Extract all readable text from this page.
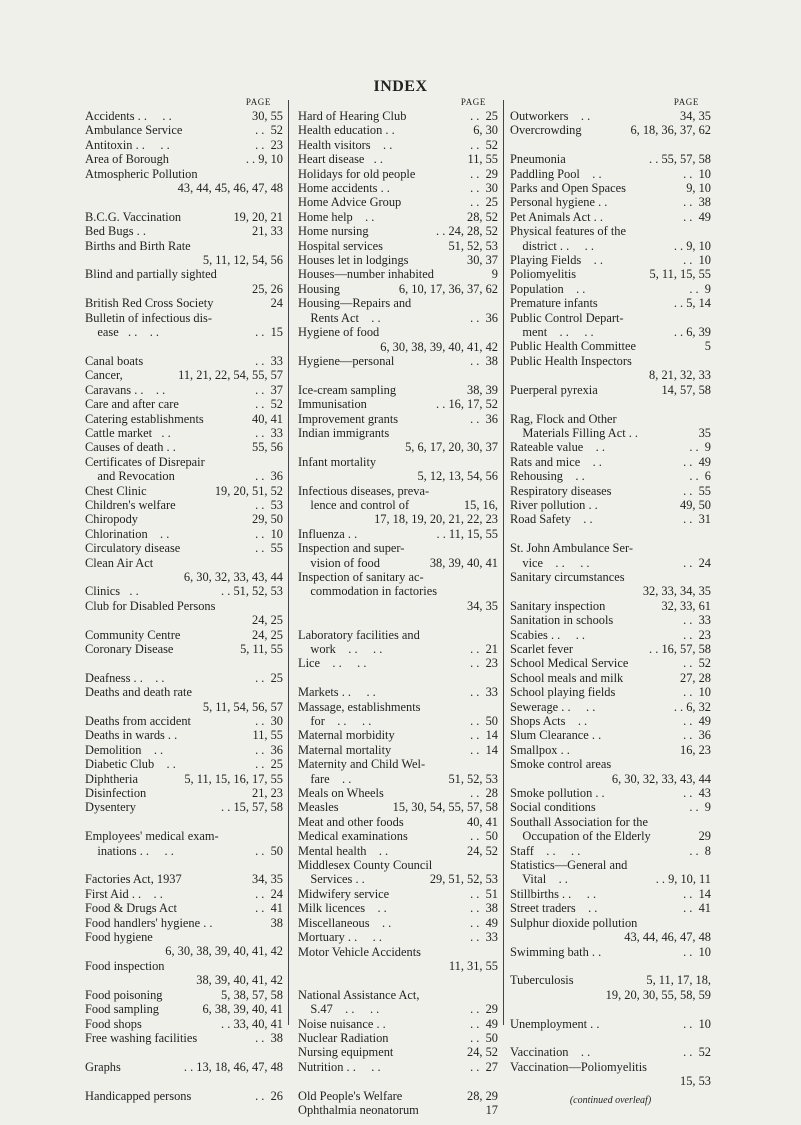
INDEX
PAGE
Accidents . .     . .	30, 55
Ambulance Service	. .  52
Antitoxin . .     . .	. .  23
Area of Borough	. . 9, 10
Atmospheric Pollution
43, 44, 45, 46, 47, 48
B.C.G. Vaccination	19, 20, 21
Bed Bugs . .	21, 33
Births and Birth Rate
5, 11, 12, 54, 56
Blind and partially sighted
25, 26
British Red Cross Society	24
Bulletin of infectious dis-
ease   . .    . .	. .  15
Canal boats	. .  33
Cancer,	11, 21, 22, 54, 55, 57
Caravans . .    . .	. .  37
Care and after care	. .  52
Catering establishments	40, 41
Cattle market   . .	. .  33
Causes of death . .	55, 56
Certificates of Disrepair
and Revocation	. .  36
Chest Clinic	19, 20, 51, 52
Children's welfare	. .  53
Chiropody	29, 50
Chlorination    . .	. .  10
Circulatory disease	. .  55
Clean Air Act
6, 30, 32, 33, 43, 44
Clinics   . .	. . 51, 52, 53
Club for Disabled Persons
24, 25
Community Centre	24, 25
Coronary Disease	5, 11, 55
Deafness . .    . .	. .  25
Deaths and death rate
5, 11, 54, 56, 57
Deaths from accident	. .  30
Deaths in wards . .	11, 55
Demolition    . .	. .  36
Diabetic Club    . .	. .  25
Diphtheria	5, 11, 15, 16, 17, 55
Disinfection	21, 23
Dysentery	. . 15, 57, 58
Employees' medical exam-
inations . .     . .	. .  50
Factories Act, 1937	34, 35
First Aid . .    . .	. .  24
Food & Drugs Act	. .  41
Food handlers' hygiene . .	38
Food hygiene
6, 30, 38, 39, 40, 41, 42
Food inspection
38, 39, 40, 41, 42
Food poisoning	5, 38, 57, 58
Food sampling	6, 38, 39, 40, 41
Food shops	. . 33, 40, 41
Free washing facilities	. .  38
Graphs	. . 13, 18, 46, 47, 48
Handicapped persons	. .  26
PAGE
Hard of Hearing Club	. .  25
Health education . .	6, 30
Health visitors    . .	. .  52
Heart disease   . .	11, 55
Holidays for old people	. .  29
Home accidents . .	. .  30
Home Advice Group	. .  25
Home help    . .	28, 52
Home nursing	. . 24, 28, 52
Hospital services	51, 52, 53
Houses let in lodgings	30, 37
Houses—number inhabited	9
Housing	6, 10, 17, 36, 37, 62
Housing—Repairs and
Rents Act    . .	. .  36
Hygiene of food
6, 30, 38, 39, 40, 41, 42
Hygiene—personal	. .  38
Ice-cream sampling	38, 39
Immunisation	. . 16, 17, 52
Improvement grants	. .  36
Indian immigrants
5, 6, 17, 20, 30, 37
Infant mortality
5, 12, 13, 54, 56
Infectious diseases, preva-
lence and control of	15, 16,
17, 18, 19, 20, 21, 22, 23
Influenza . .	. . 11, 15, 55
Inspection and super-
vision of food	38, 39, 40, 41
Inspection of sanitary ac-
commodation in factories
34, 35
Laboratory facilities and
work    . .     . .	. .  21
Lice    . .     . .	. .  23
Markets . .     . .	. .  33
Massage, establishments
for    . .     . .	. .  50
Maternal morbidity	. .  14
Maternal mortality	. .  14
Maternity and Child Wel-
fare    . .	51, 52, 53
Meals on Wheels	. .  28
Measles	15, 30, 54, 55, 57, 58
Meat and other foods	40, 41
Medical examinations	. .  50
Mental health    . .	24, 52
Middlesex County Council
Services . .	29, 51, 52, 53
Midwifery service	. .  51
Milk licences    . .	. .  38
Miscellaneous    . .	. .  49
Mortuary . .     . .	. .  33
Motor Vehicle Accidents
11, 31, 55
National Assistance Act,
S.47    . .     . .	. .  29
Noise nuisance . .	. .  49
Nuclear Radiation	. .  50
Nursing equipment	24, 52
Nutrition . .     . .	. .  27
Old People's Welfare	28, 29
Ophthalmia neonatorum	17
PAGE
Outworkers    . .	34, 35
Overcrowding	6, 18, 36, 37, 62
Pneumonia	. . 55, 57, 58
Paddling Pool    . .	. .  10
Parks and Open Spaces	9, 10
Personal hygiene . .	. .  38
Pet Animals Act . .	. .  49
Physical features of the
district . .     . .	. . 9, 10
Playing Fields    . .	. .  10
Poliomyelitis	5, 11, 15, 55
Population    . .	. .  9
Premature infants	. . 5, 14
Public Control Depart-
ment    . .     . .	. . 6, 39
Public Health Committee	5
Public Health Inspectors
8, 21, 32, 33
Puerperal pyrexia	14, 57, 58
Rag, Flock and Other
Materials Filling Act . .	35
Rateable value    . .	. .  9
Rats and mice    . .	. .  49
Rehousing    . .	. .  6
Respiratory diseases	. .  55
River pollution . .	49, 50
Road Safety    . .	. .  31
St. John Ambulance Ser-
vice    . .     . .	. .  24
Sanitary circumstances
32, 33, 34, 35
Sanitary inspection	32, 33, 61
Sanitation in schools	. .  33
Scabies . .     . .	. .  23
Scarlet fever	. . 16, 57, 58
School Medical Service	. .  52
School meals and milk	27, 28
School playing fields	. .  10
Sewerage . .     . .	. . 6, 32
Shops Acts    . .	. .  49
Slum Clearance . .	. .  36
Smallpox . .	16, 23
Smoke control areas
6, 30, 32, 33, 43, 44
Smoke pollution . .	. .  43
Social conditions	. .  9
Southall Association for the
Occupation of the Elderly	29
Staff    . .     . .	. .  8
Statistics—General and
Vital    . .	. . 9, 10, 11
Stillbirths . .     . .	. .  14
Street traders    . .	. .  41
Sulphur dioxide pollution
43, 44, 46, 47, 48
Swimming bath . .	. .  10
Tuberculosis	5, 11, 17, 18,
19, 20, 30, 55, 58, 59
Unemployment . .	. .  10
Vaccination    . .	. .  52
Vaccination—Poliomyelitis
15, 53
(continued overleaf)
